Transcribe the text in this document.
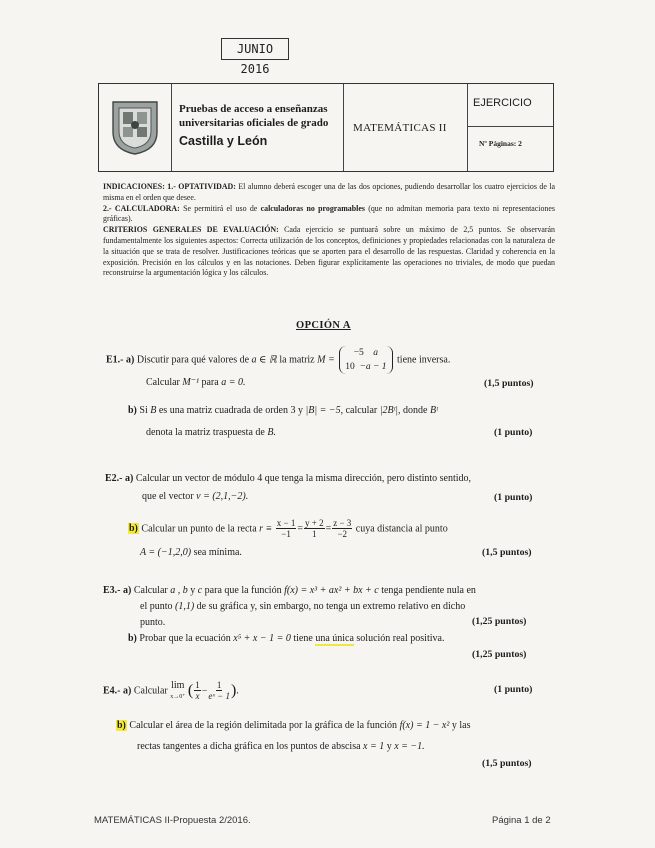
JUNIO 2016
Pruebas de acceso a enseñanzas universitarias oficiales de grado
Castilla y León
MATEMÁTICAS II
EJERCICIO
Nº Páginas: 2
INDICACIONES: 1.- OPTATIVIDAD: El alumno deberá escoger una de las dos opciones, pudiendo desarrollar los cuatro ejercicios de la misma en el orden que desee.
2.- CALCULADORA: Se permitirá el uso de calculadoras no programables (que no admitan memoria para texto ni representaciones gráficas).
CRITERIOS GENERALES DE EVALUACIÓN: Cada ejercicio se puntuará sobre un máximo de 2,5 puntos. Se observarán fundamentalmente los siguientes aspectos: Correcta utilización de los conceptos, definiciones y propiedades relacionadas con la naturaleza de la situación que se trata de resolver. Justificaciones teóricas que se aporten para el desarrollo de las respuestas. Claridad y coherencia en la exposición. Precisión en los cálculos y en las notaciones. Deben figurar explícitamente las operaciones no triviales, de modo que puedan reconstruirse la argumentación lógica y los cálculos.
OPCIÓN A
E1.- a) Discutir para qué valores de a ∈ ℝ la matriz M = −5 a
10 −a − 1 tiene inversa.
Calcular M⁻¹ para a = 0.	(1,5 puntos)
b) Si B es una matriz cuadrada de orden 3 y |B| = −5, calcular |2Bᵗ|, donde Bᵗ
denota la matriz traspuesta de B.	(1 punto)
E2.- a) Calcular un vector de módulo 4 que tenga la misma dirección, pero distinto sentido,
que el vector v = (2,1,−2).	(1 punto)
b) Calcular un punto de la recta $r \equiv \frac{x - 1}{-1}=\frac{y + 2}{1}=\frac{z - 3}{-2}$ cuya distancia al punto
A = (−1,2,0) sea mínima.	(1,5 puntos)
E3.- a) Calcular a , b y c para que la función f(x) = x³ + ax² + bx + c tenga pendiente nula en
el punto (1,1) de su gráfica y, sin embargo, no tenga un extremo relativo en dicho
punto.	(1,25 puntos)
b) Probar que la ecuación x⁵ + x − 1 = 0 tiene una única solución real positiva.
(1,25 puntos)
E4.- a) Calcular lim
x→0⁺ $(\frac{1}{x}-\frac{1}{\text{eˣ − 1}})$.	(1 punto)
b) Calcular el área de la región delimitada por la gráfica de la función f(x) = 1 − x² y las
rectas tangentes a dicha gráfica en los puntos de abscisa x = 1 y x = −1.
(1,5 puntos)
MATEMÁTICAS II-Propuesta 2/2016.	Página 1 de 2
